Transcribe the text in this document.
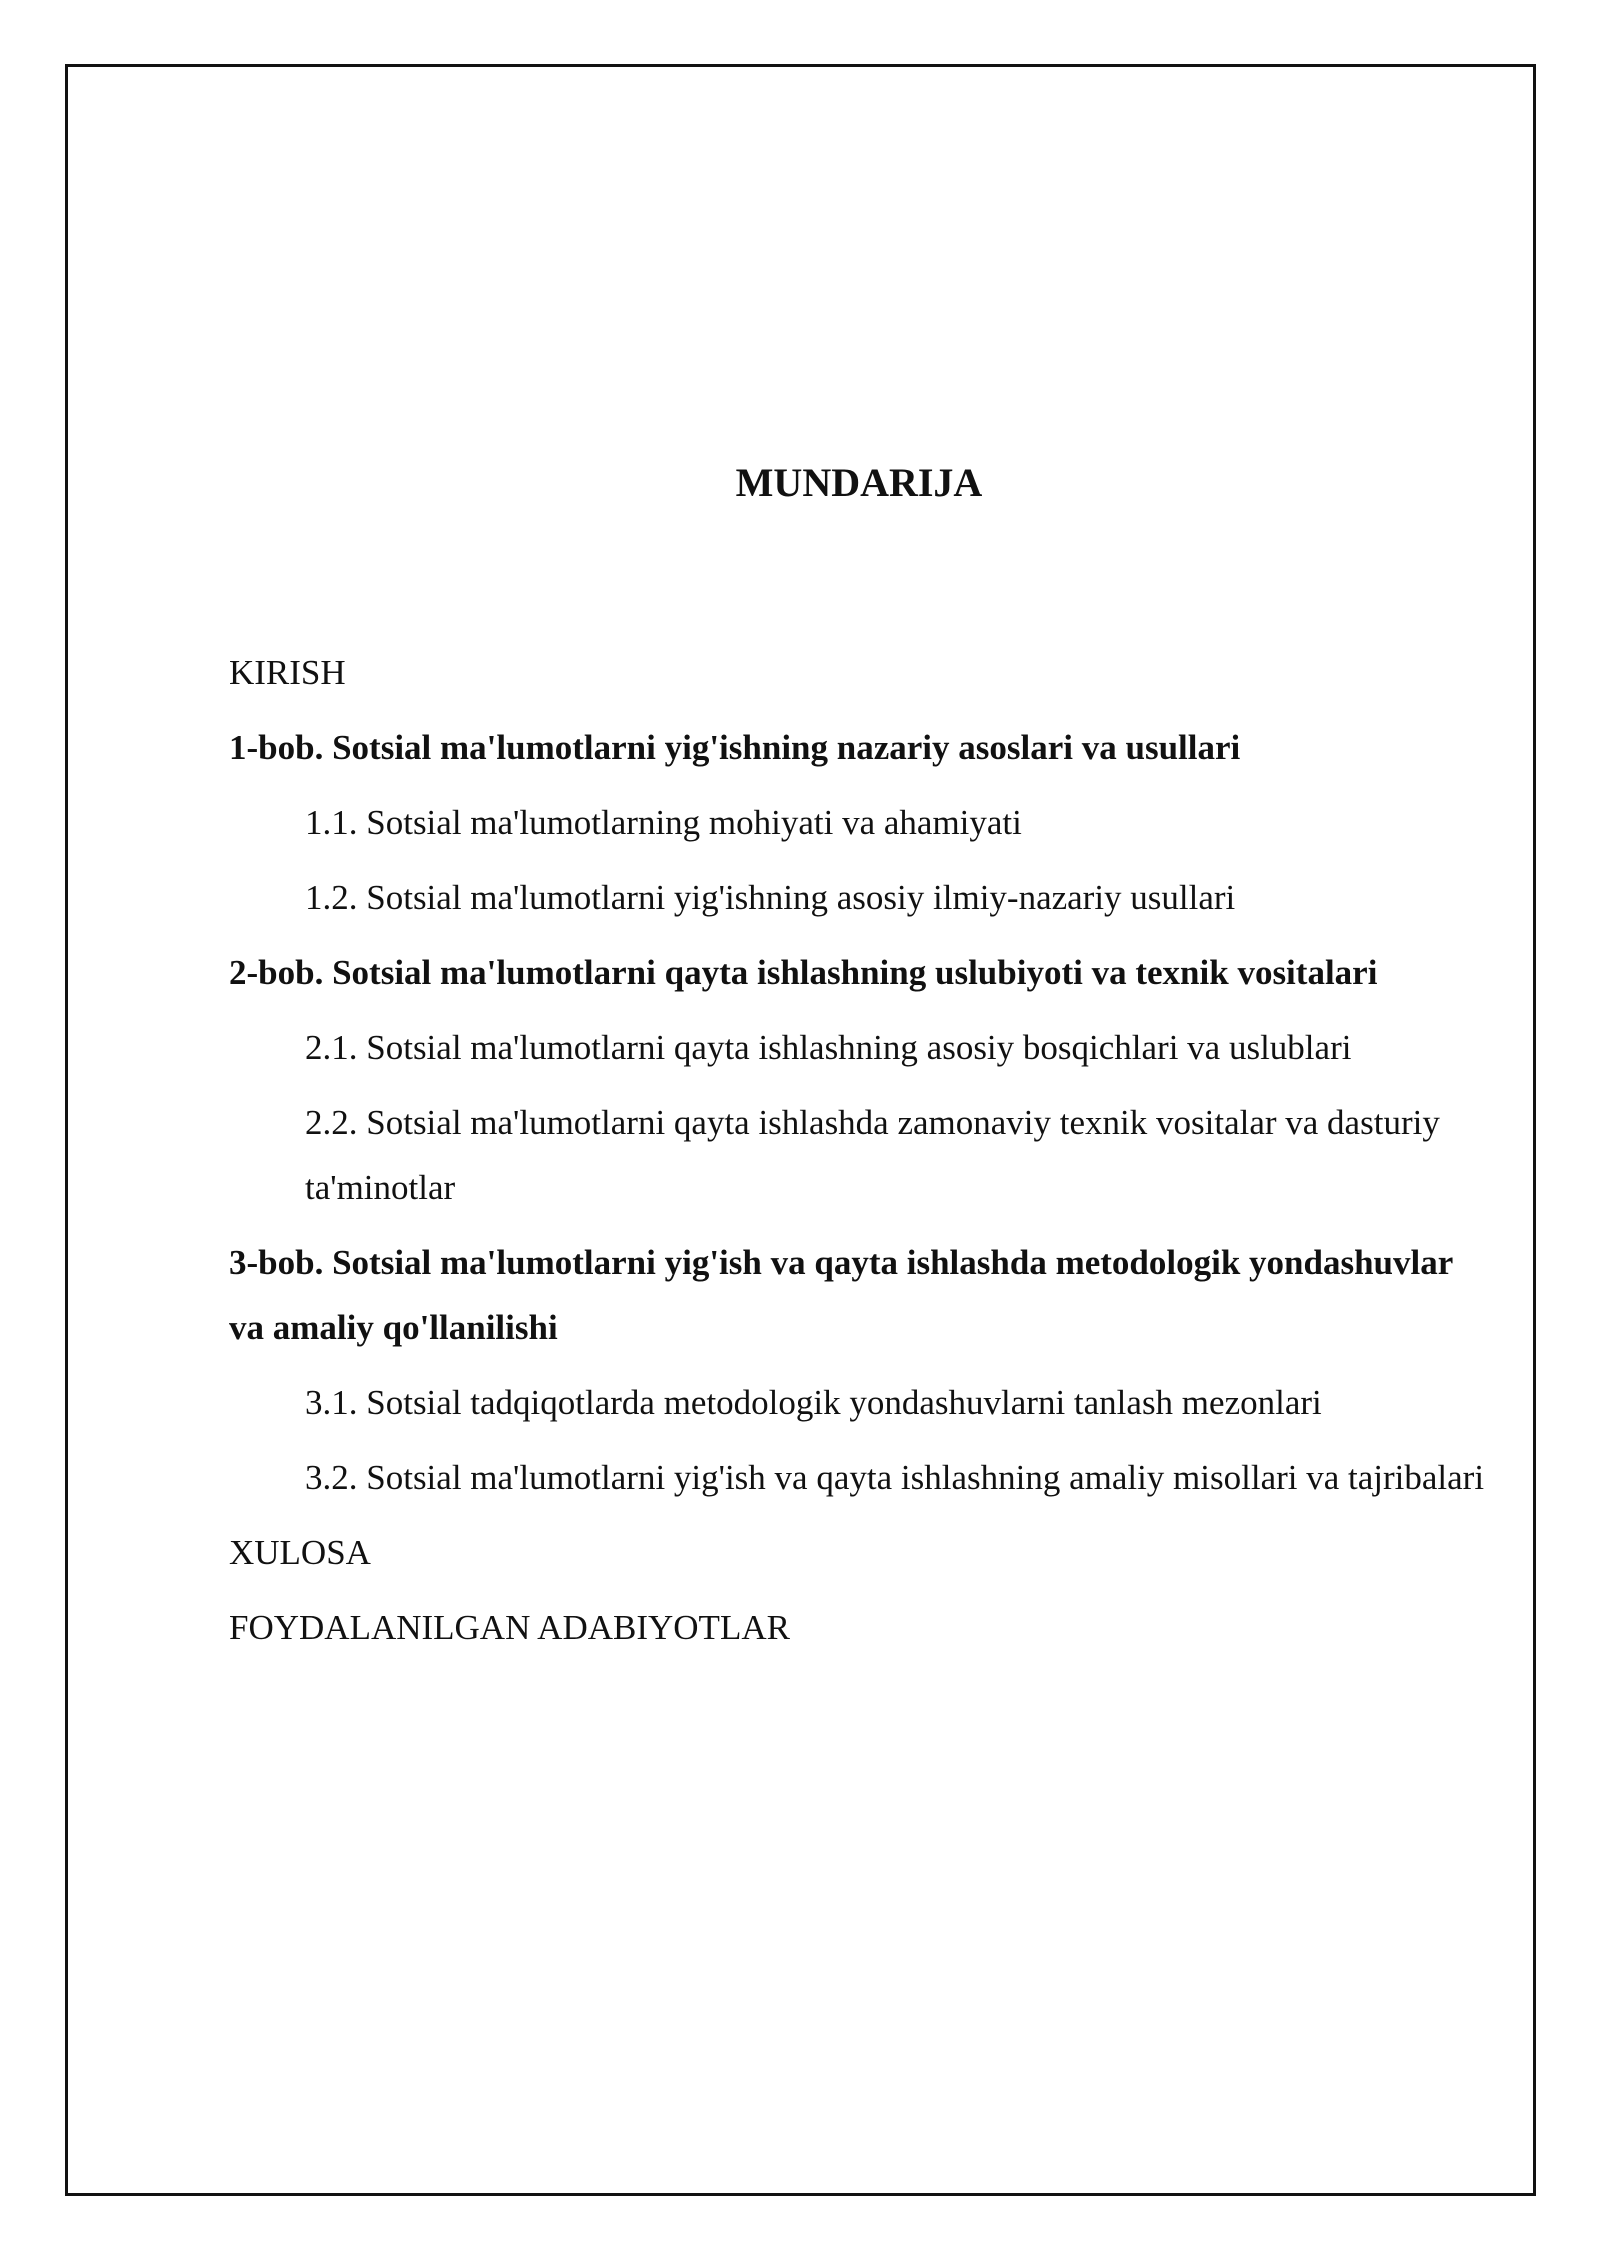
MUNDARIJA
KIRISH
1-bob. Sotsial ma'lumotlarni yig'ishning nazariy asoslari va usullari
1.1. Sotsial ma'lumotlarning mohiyati va ahamiyati
1.2. Sotsial ma'lumotlarni yig'ishning asosiy ilmiy-nazariy usullari
2-bob. Sotsial ma'lumotlarni qayta ishlashning uslubiyoti va texnik vositalari
2.1. Sotsial ma'lumotlarni qayta ishlashning asosiy bosqichlari va uslublari
2.2. Sotsial ma'lumotlarni qayta ishlashda zamonaviy texnik vositalar va dasturiy ta'minotlar
3-bob. Sotsial ma'lumotlarni yig'ish va qayta ishlashda metodologik yondashuvlar va amaliy qo'llanilishi
3.1. Sotsial tadqiqotlarda metodologik yondashuvlarni tanlash mezonlari
3.2. Sotsial ma'lumotlarni yig'ish va qayta ishlashning amaliy misollari va tajribalari
XULOSA
FOYDALANILGAN ADABIYOTLAR
